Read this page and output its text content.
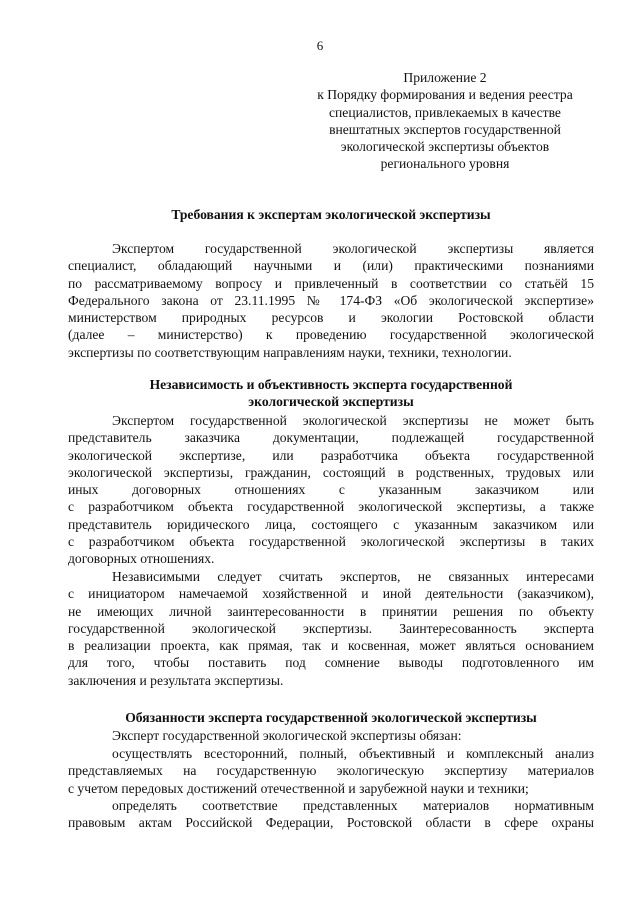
6
Приложение 2
к Порядку формирования и ведения реестра
специалистов, привлекаемых в качестве
внештатных экспертов государственной
экологической экспертизы объектов
регионального уровня
Требования к экспертам экологической экспертизы
Экспертом государственной экологической экспертизы является
специалист, обладающий научными и (или) практическими познаниями
по рассматриваемому вопросу и привлеченный в соответствии со статьёй 15
Федерального закона от 23.11.1995 № 174-ФЗ «Об экологической экспертизе»
министерством природных ресурсов и экологии Ростовской области
(далее – министерство) к проведению государственной экологической
экспертизы по соответствующим направлениям науки, техники, технологии.
Независимость и объективность эксперта государственной
экологической экспертизы
Экспертом государственной экологической экспертизы не может быть
представитель заказчика документации, подлежащей государственной
экологической экспертизе, или разработчика объекта государственной
экологической экспертизы, гражданин, состоящий в родственных, трудовых или
иных договорных отношениях с указанным заказчиком или
с разработчиком объекта государственной экологической экспертизы, а также
представитель юридического лица, состоящего с указанным заказчиком или
с разработчиком объекта государственной экологической экспертизы в таких
договорных отношениях.
Независимыми следует считать экспертов, не связанных интересами
с инициатором намечаемой хозяйственной и иной деятельности (заказчиком),
не имеющих личной заинтересованности в принятии решения по объекту
государственной экологической экспертизы. Заинтересованность эксперта
в реализации проекта, как прямая, так и косвенная, может являться основанием
для того, чтобы поставить под сомнение выводы подготовленного им
заключения и результата экспертизы.
Обязанности эксперта государственной экологической экспертизы
Эксперт государственной экологической экспертизы обязан:
осуществлять всесторонний, полный, объективный и комплексный анализ
представляемых на государственную экологическую экспертизу материалов
с учетом передовых достижений отечественной и зарубежной науки и техники;
определять соответствие представленных материалов нормативным
правовым актам Российской Федерации, Ростовской области в сфере охраны
